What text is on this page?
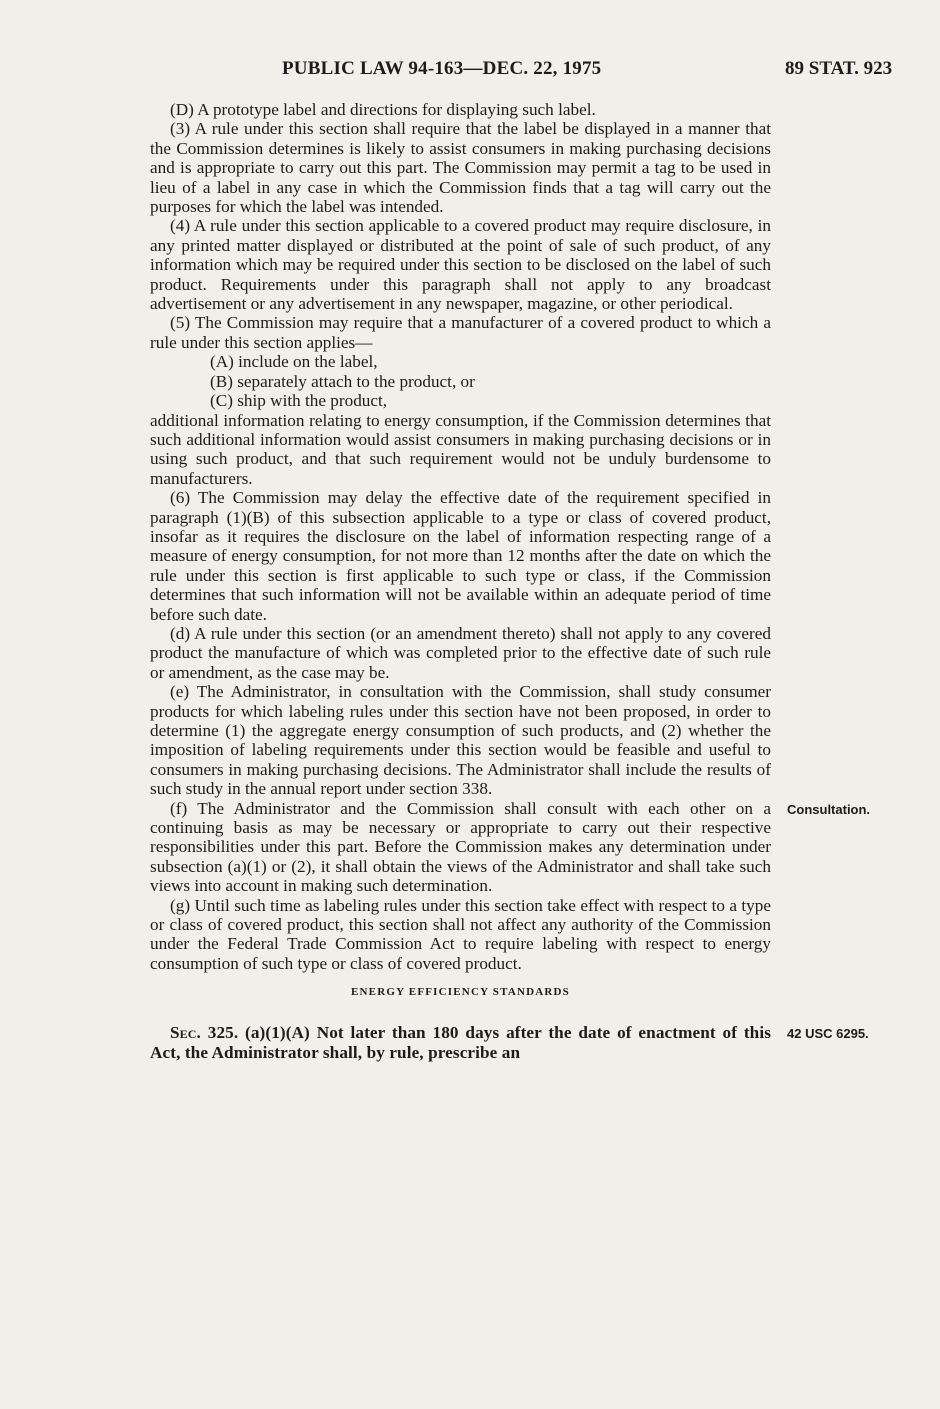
PUBLIC LAW 94-163—DEC. 22, 1975	89 STAT. 923

(D) A prototype label and directions for displaying such label.

(3) A rule under this section shall require that the label be displayed in a manner that the Commission determines is likely to assist consumers in making purchasing decisions and is appropriate to carry out this part. The Commission may permit a tag to be used in lieu of a label in any case in which the Commission finds that a tag will carry out the purposes for which the label was intended.

(4) A rule under this section applicable to a covered product may require disclosure, in any printed matter displayed or distributed at the point of sale of such product, of any information which may be required under this section to be disclosed on the label of such product. Requirements under this paragraph shall not apply to any broadcast advertisement or any advertisement in any newspaper, magazine, or other periodical.

(5) The Commission may require that a manufacturer of a covered product to which a rule under this section applies—

(A) include on the label,

(B) separately attach to the product, or

(C) ship with the product,

additional information relating to energy consumption, if the Commission determines that such additional information would assist consumers in making purchasing decisions or in using such product, and that such requirement would not be unduly burdensome to manufacturers.

(6) The Commission may delay the effective date of the requirement specified in paragraph (1)(B) of this subsection applicable to a type or class of covered product, insofar as it requires the disclosure on the label of information respecting range of a measure of energy consumption, for not more than 12 months after the date on which the rule under this section is first applicable to such type or class, if the Commission determines that such information will not be available within an adequate period of time before such date.

(d) A rule under this section (or an amendment thereto) shall not apply to any covered product the manufacture of which was completed prior to the effective date of such rule or amendment, as the case may be.

(e) The Administrator, in consultation with the Commission, shall study consumer products for which labeling rules under this section have not been proposed, in order to determine (1) the aggregate energy consumption of such products, and (2) whether the imposition of labeling requirements under this section would be feasible and useful to consumers in making purchasing decisions. The Administrator shall include the results of such study in the annual report under section 338.

(f) The Administrator and the Commission shall consult with each other on a continuing basis as may be necessary or appropriate to carry out their respective responsibilities under this part. Before the Commission makes any determination under subsection (a)(1) or (2), it shall obtain the views of the Administrator and shall take such views into account in making such determination.

(g) Until such time as labeling rules under this section take effect with respect to a type or class of covered product, this section shall not affect any authority of the Commission under the Federal Trade Commission Act to require labeling with respect to energy consumption of such type or class of covered product.

ENERGY EFFICIENCY STANDARDS

Sec. 325. (a)(1)(A) Not later than 180 days after the date of enactment of this Act, the Administrator shall, by rule, prescribe an

Consultation.
42 USC 6295.
